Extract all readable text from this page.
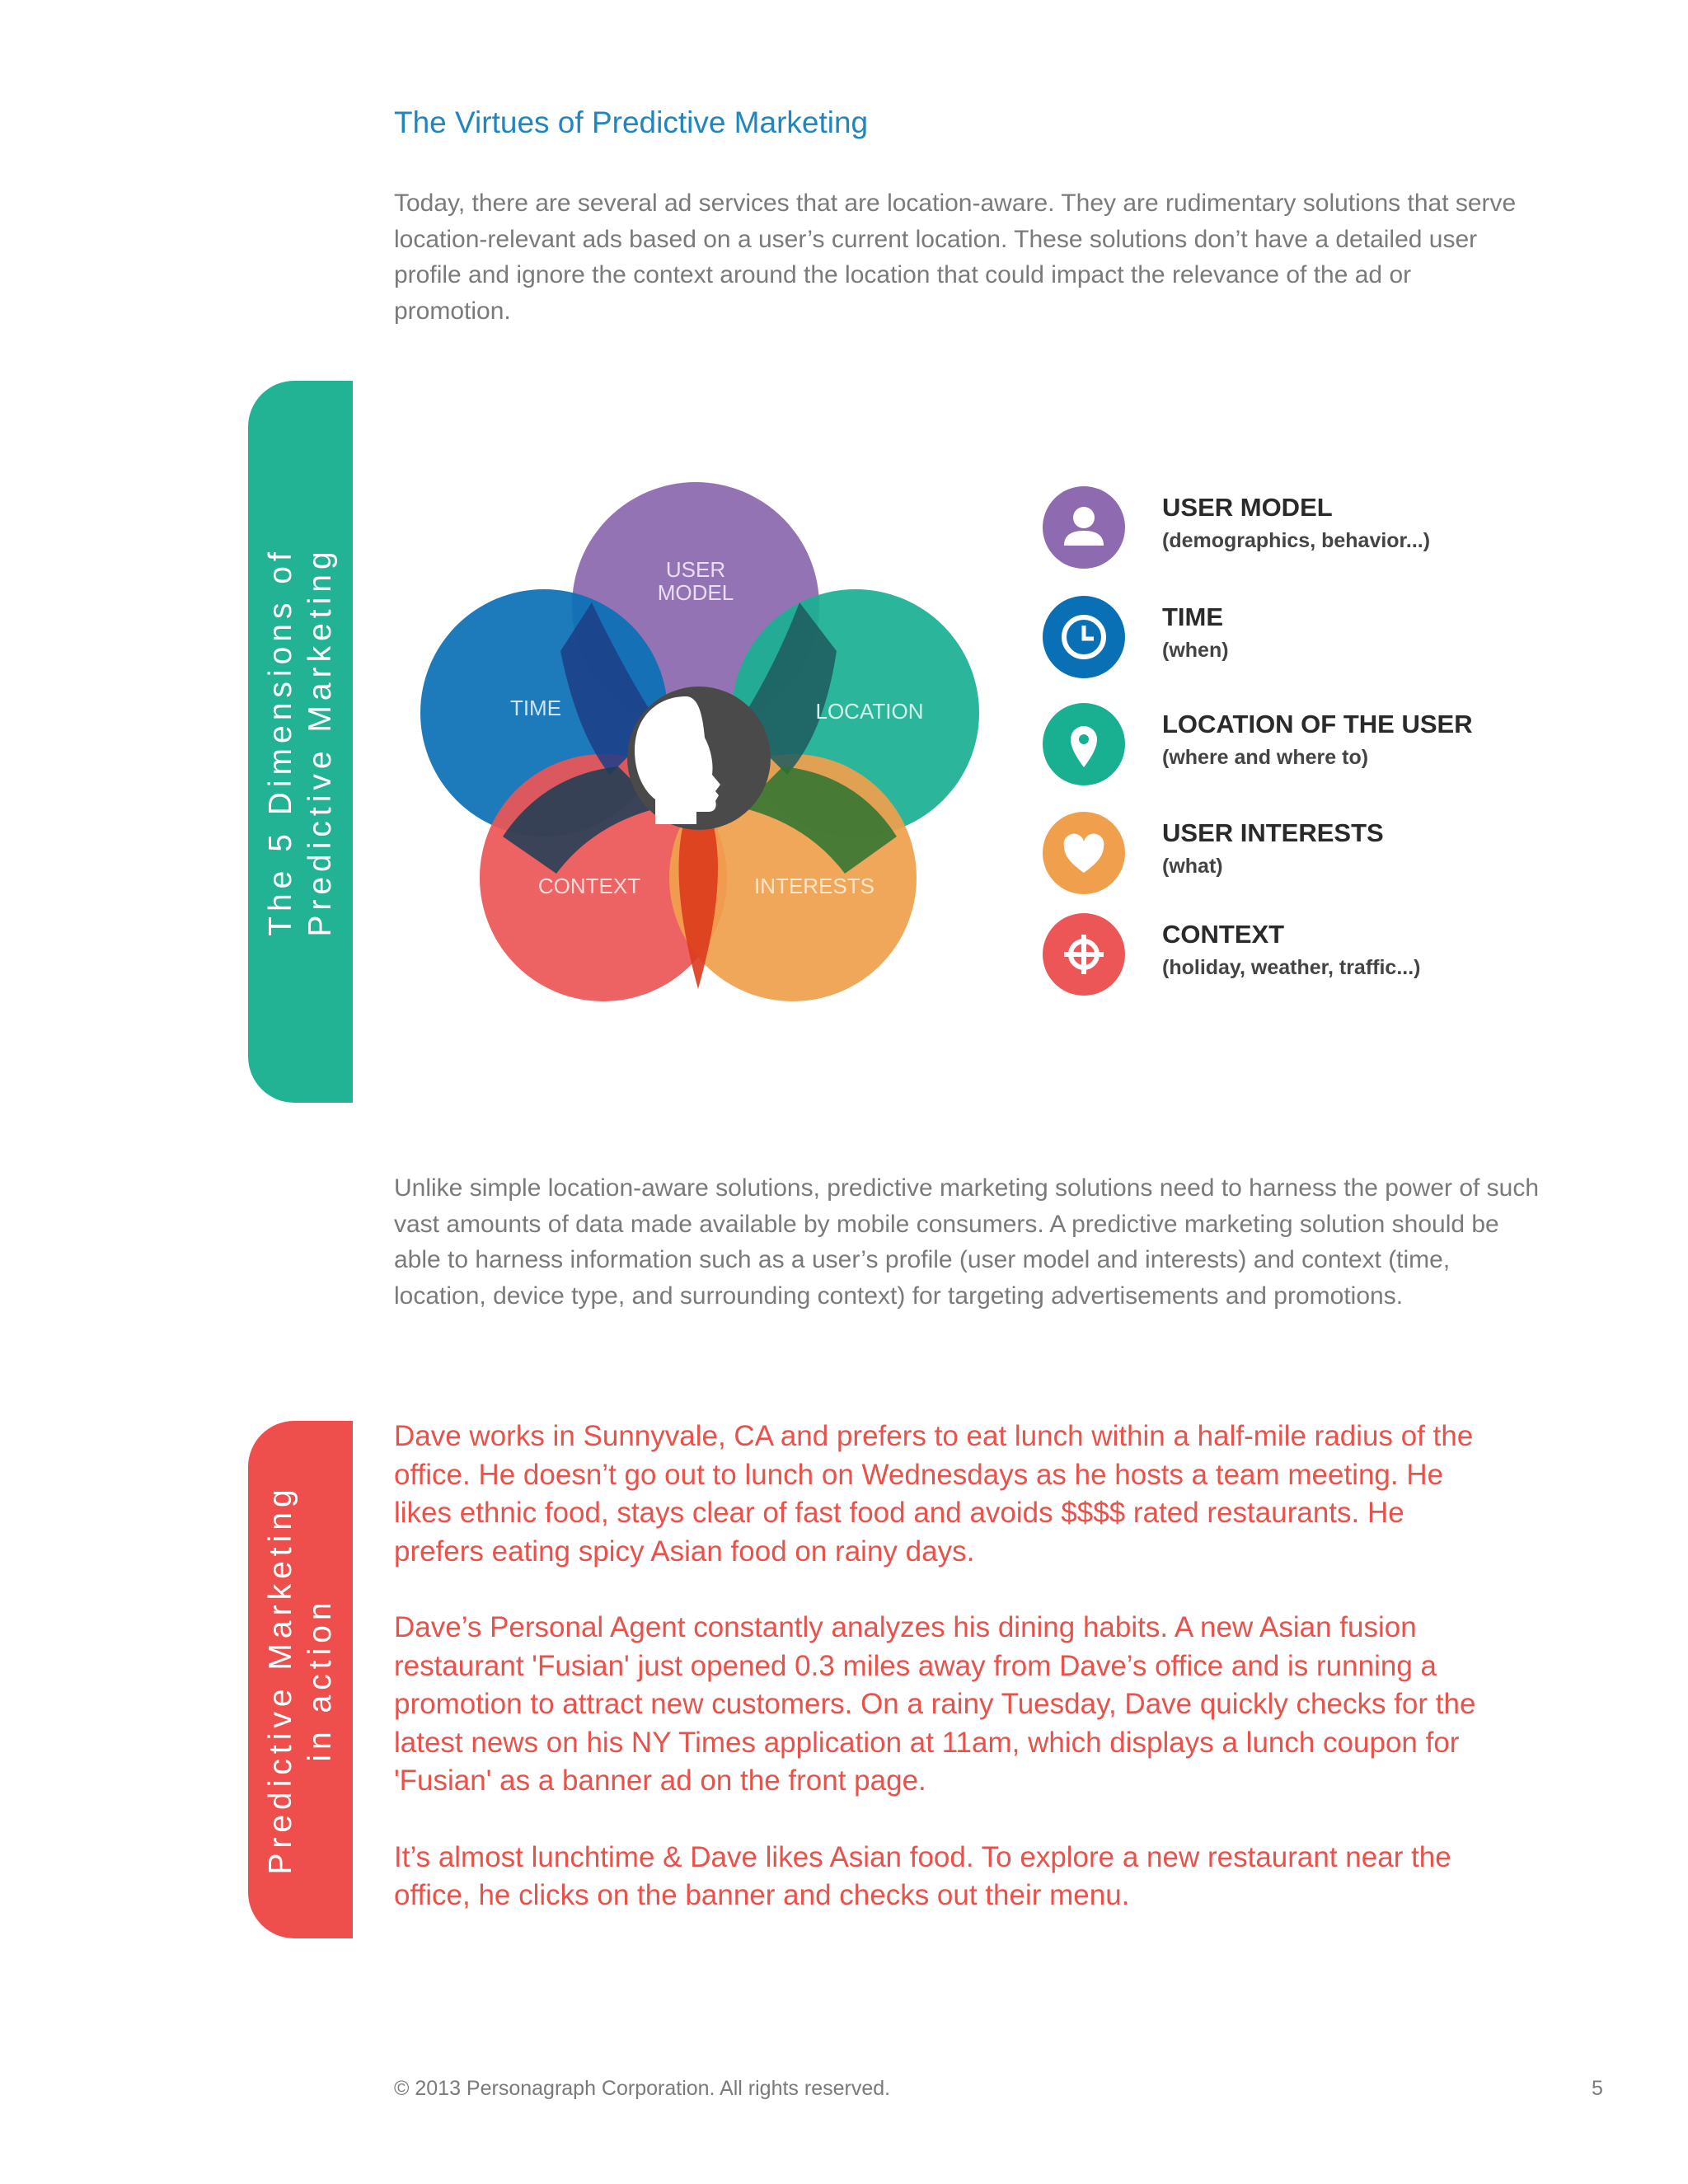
The Virtues of Predictive Marketing
Today, there are several ad services that are location-aware. They are rudimentary solutions that serve location-relevant ads based on a user’s current location. These solutions don’t have a detailed user profile and ignore the context around the location that could impact the relevance of the ad or promotion.
The 5 Dimensions of Predictive Marketing	USER
MODEL
TIME	LOCATION
CONTEXT	INTERESTS
USER MODEL
(demographics, behavior...)
TIME
(when)
LOCATION OF THE USER
(where and where to)
USER INTERESTS
(what)
CONTEXT
(holiday, weather, traffic...)
Unlike simple location-aware solutions, predictive marketing solutions need to harness the power of such vast amounts of data made available by mobile consumers. A predictive marketing solution should be able to harness information such as a user’s profile (user model and interests) and context (time, location, device type, and surrounding context) for targeting advertisements and promotions.
Predictive Marketing in action

Dave works in Sunnyvale, CA and prefers to eat lunch within a half-mile radius of the office. He doesn’t go out to lunch on Wednesdays as he hosts a team meeting. He likes ethnic food, stays clear of fast food and avoids $$$$ rated restaurants. He prefers eating spicy Asian food on rainy days.

Dave’s Personal Agent constantly analyzes his dining habits. A new Asian fusion restaurant 'Fusian' just opened 0.3 miles away from Dave’s office and is running a promotion to attract new customers. On a rainy Tuesday, Dave quickly checks for the latest news on his NY Times application at 11am, which displays a lunch coupon for 'Fusian' as a banner ad on the front page.

It’s almost lunchtime & Dave likes Asian food. To explore a new restaurant near the office, he clicks on the banner and checks out their menu.

© 2013 Personagraph Corporation. All rights reserved.	5
